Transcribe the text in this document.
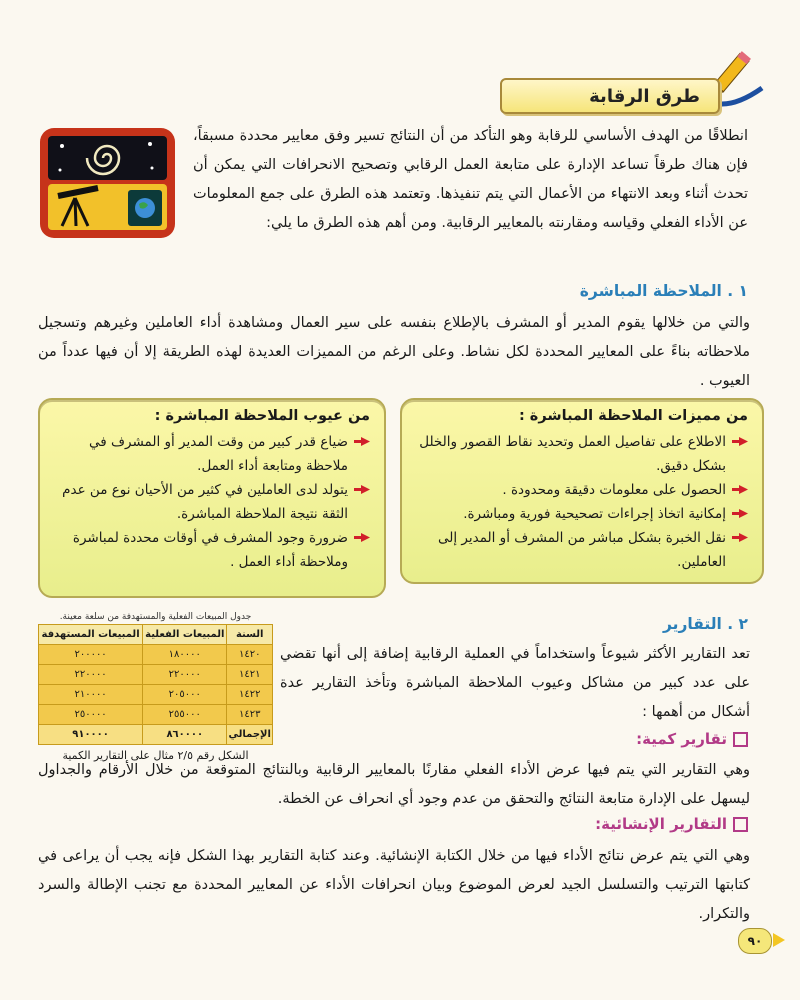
طرق الرقابة
انطلاقًا من الهدف الأساسي للرقابة وهو التأكد من أن النتائج تسير وفق معايير محددة مسبقاً، فإن هناك طرقاً تساعد الإدارة على متابعة العمل الرقابي وتصحيح الانحرافات التي يمكن أن تحدث أثناء وبعد الانتهاء من الأعمال التي يتم تنفيذها. وتعتمد هذه الطرق على جمع المعلومات عن الأداء الفعلي وقياسه ومقارنته بالمعايير الرقابية. ومن أهم هذه الطرق ما يلي:
١ . الملاحظة المباشرة
والتي من خلالها يقوم المدير أو المشرف بالإطلاع بنفسه على سير العمال ومشاهدة أداء العاملين وغيرهم وتسجيل ملاحظاته بناءً على المعايير المحددة لكل نشاط. وعلى الرغم من المميزات العديدة لهذه الطريقة إلا أن فيها عدداً من العيوب .
من مميزات الملاحظة المباشرة :
الاطلاع على تفاصيل العمل وتحديد نقاط القصور والخلل بشكل دقيق.
الحصول على معلومات دقيقة ومحدودة .
إمكانية اتخاذ إجراءات تصحيحية فورية ومباشرة.
نقل الخبرة بشكل مباشر من المشرف أو المدير إلى العاملين.
من عيوب الملاحظة المباشرة :
ضياع قدر كبير من وقت المدير أو المشرف في ملاحظة ومتابعة أداء العمل.
يتولد لدى العاملين في كثير من الأحيان نوع من عدم الثقة نتيجة الملاحظة المباشرة.
ضرورة وجود المشرف في أوقات محددة لمباشرة وملاحظة أداء العمل .
٢ . التقارير
تعد التقارير الأكثر شيوعاً واستخداماً في العملية الرقابية إضافة إلى أنها تقضي على عدد كبير من مشاكل وعيوب الملاحظة المباشرة وتأخذ التقارير عدة أشكال من أهمها :
جدول المبيعات الفعلية والمستهدفة من سلعة معينة.
السنة	المبيعات الفعلية	المبيعات المستهدفة
١٤٢٠	١٨٠٠٠٠	٢٠٠٠٠٠
١٤٢١	٢٢٠٠٠٠	٢٢٠٠٠٠
١٤٢٢	٢٠٥٠٠٠	٢١٠٠٠٠
١٤٢٣	٢٥٥٠٠٠	٢٥٠٠٠٠
الإجمالي	٨٦٠٠٠٠	٩١٠٠٠٠
الشكل رقم ٢/٥ مثال على التقارير الكمية
تقارير كمية:
وهي التقارير التي يتم فيها عرض الأداء الفعلي مقارنًا بالمعايير الرقابية وبالنتائج المتوقعة من خلال الأرقام والجداول ليسهل على الإدارة متابعة النتائج والتحقق من عدم وجود أي انحراف عن الخطة.
التقارير الإنشائية:
وهي التي يتم عرض نتائج الأداء فيها من خلال الكتابة الإنشائية. وعند كتابة التقارير بهذا الشكل فإنه يجب أن يراعى في كتابتها الترتيب والتسلسل الجيد لعرض الموضوع وبيان انحرافات الأداء عن المعايير المحددة مع تجنب الإطالة والسرد والتكرار.
٩٠
